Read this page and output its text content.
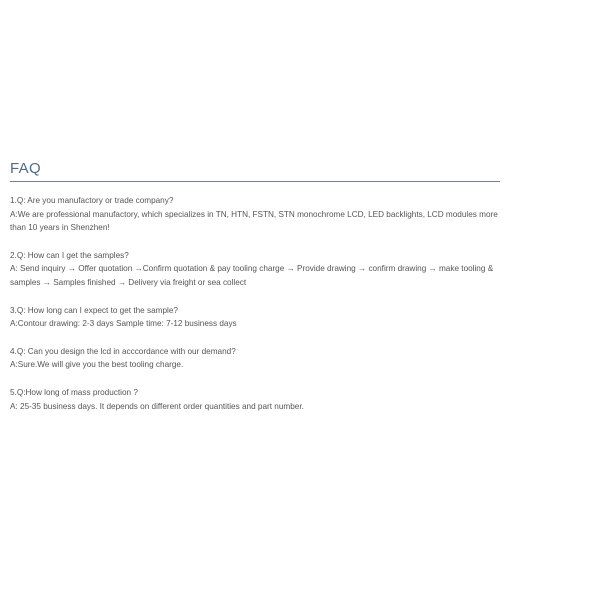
FAQ
1.Q: Are you manufactory or trade company?
A:We are professional manufactory, which specializes in TN, HTN, FSTN, STN monochrome LCD, LED backlights, LCD modules more than 10 years in Shenzhen!
2.Q: How can I get the samples?
A: Send inquiry → Offer quotation →Confirm quotation & pay tooling charge → Provide drawing → confirm drawing → make tooling &
samples → Samples finished → Delivery via freight or sea collect
3.Q: How long can I expect to get the sample?
A:Contour drawing: 2-3 days Sample time: 7-12 business days
4.Q: Can you design the lcd in acccordance with our demand?
A:Sure.We will give you the best tooling charge.
5.Q:How long of mass production ?
A: 25-35 business days. It depends on different order quantities and part number.
